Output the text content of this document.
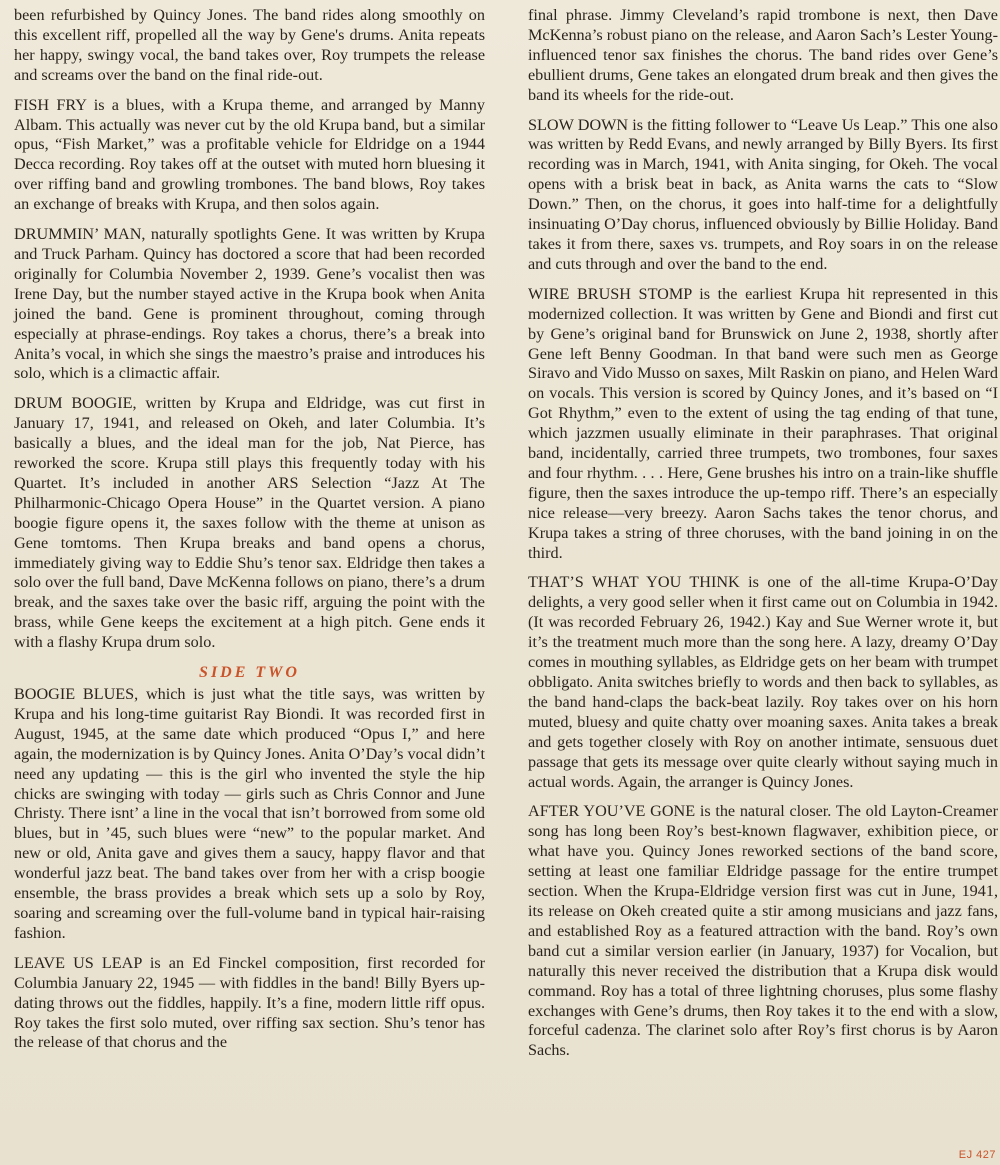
been refurbished by Quincy Jones. The band rides along smoothly on this excellent riff, propelled all the way by Gene's drums. Anita repeats her happy, swingy vocal, the band takes over, Roy trumpets the release and screams over the band on the final ride-out.

FISH FRY is a blues, with a Krupa theme, and arranged by Manny Albam. This actually was never cut by the old Krupa band, but a similar opus, “Fish Market,” was a profitable vehicle for Eldridge on a 1944 Decca recording. Roy takes off at the outset with muted horn bluesing it over riffing band and growling trombones. The band blows, Roy takes an exchange of breaks with Krupa, and then solos again.

DRUMMIN’ MAN, naturally spotlights Gene. It was written by Krupa and Truck Parham. Quincy has doctored a score that had been recorded originally for Columbia November 2, 1939. Gene’s vocalist then was Irene Day, but the number stayed active in the Krupa book when Anita joined the band. Gene is prominent throughout, coming through especially at phrase-endings. Roy takes a chorus, there’s a break into Anita’s vocal, in which she sings the maestro’s praise and introduces his solo, which is a climactic affair.

DRUM BOOGIE, written by Krupa and Eldridge, was cut first in January 17, 1941, and released on Okeh, and later Columbia. It’s basically a blues, and the ideal man for the job, Nat Pierce, has reworked the score. Krupa still plays this frequently today with his Quartet. It’s included in another ARS Selection “Jazz At The Philharmonic-Chicago Opera House” in the Quartet version. A piano boogie figure opens it, the saxes follow with the theme at unison as Gene tomtoms. Then Krupa breaks and band opens a chorus, immediately giving way to Eddie Shu’s tenor sax. Eldridge then takes a solo over the full band, Dave McKenna follows on piano, there’s a drum break, and the saxes take over the basic riff, arguing the point with the brass, while Gene keeps the excitement at a high pitch. Gene ends it with a flashy Krupa drum solo.

SIDE TWO

BOOGIE BLUES, which is just what the title says, was written by Krupa and his long-time guitarist Ray Biondi. It was recorded first in August, 1945, at the same date which produced “Opus I,” and here again, the modernization is by Quincy Jones. Anita O’Day’s vocal didn’t need any updating — this is the girl who invented the style the hip chicks are swinging with today — girls such as Chris Connor and June Christy. There isnt’ a line in the vocal that isn’t borrowed from some old blues, but in ’45, such blues were “new” to the popular market. And new or old, Anita gave and gives them a saucy, happy flavor and that wonderful jazz beat. The band takes over from her with a crisp boogie ensemble, the brass provides a break which sets up a solo by Roy, soaring and screaming over the full-volume band in typical hair-raising fashion.

LEAVE US LEAP is an Ed Finckel composition, first recorded for Columbia January 22, 1945 — with fiddles in the band! Billy Byers up-dating throws out the fiddles, happily. It’s a fine, modern little riff opus. Roy takes the first solo muted, over riffing sax section. Shu’s tenor has the release of that chorus and the

final phrase. Jimmy Cleveland’s rapid trombone is next, then Dave McKenna’s robust piano on the release, and Aaron Sach’s Lester Young-influenced tenor sax finishes the chorus. The band rides over Gene’s ebullient drums, Gene takes an elongated drum break and then gives the band its wheels for the ride-out.

SLOW DOWN is the fitting follower to “Leave Us Leap.” This one also was written by Redd Evans, and newly arranged by Billy Byers. Its first recording was in March, 1941, with Anita singing, for Okeh. The vocal opens with a brisk beat in back, as Anita warns the cats to “Slow Down.” Then, on the chorus, it goes into half-time for a delightfully insinuating O’Day chorus, influenced obviously by Billie Holiday. Band takes it from there, saxes vs. trumpets, and Roy soars in on the release and cuts through and over the band to the end.

WIRE BRUSH STOMP is the earliest Krupa hit represented in this modernized collection. It was written by Gene and Biondi and first cut by Gene’s original band for Brunswick on June 2, 1938, shortly after Gene left Benny Goodman. In that band were such men as George Siravo and Vido Musso on saxes, Milt Raskin on piano, and Helen Ward on vocals. This version is scored by Quincy Jones, and it’s based on “I Got Rhythm,” even to the extent of using the tag ending of that tune, which jazzmen usually eliminate in their paraphrases. That original band, incidentally, carried three trumpets, two trombones, four saxes and four rhythm. . . . Here, Gene brushes his intro on a train-like shuffle figure, then the saxes introduce the up-tempo riff. There’s an especially nice release—very breezy. Aaron Sachs takes the tenor chorus, and Krupa takes a string of three choruses, with the band joining in on the third.

THAT’S WHAT YOU THINK is one of the all-time Krupa-O’Day delights, a very good seller when it first came out on Columbia in 1942. (It was recorded February 26, 1942.) Kay and Sue Werner wrote it, but it’s the treatment much more than the song here. A lazy, dreamy O’Day comes in mouthing syllables, as Eldridge gets on her beam with trumpet obbligato. Anita switches briefly to words and then back to syllables, as the band hand-claps the back-beat lazily. Roy takes over on his horn muted, bluesy and quite chatty over moaning saxes. Anita takes a break and gets together closely with Roy on another intimate, sensuous duet passage that gets its message over quite clearly without saying much in actual words. Again, the arranger is Quincy Jones.

AFTER YOU’VE GONE is the natural closer. The old Layton-Creamer song has long been Roy’s best-known flagwaver, exhibition piece, or what have you. Quincy Jones reworked sections of the band score, setting at least one familiar Eldridge passage for the entire trumpet section. When the Krupa-Eldridge version first was cut in June, 1941, its release on Okeh created quite a stir among musicians and jazz fans, and established Roy as a featured attraction with the band. Roy’s own band cut a similar version earlier (in January, 1937) for Vocalion, but naturally this never received the distribution that a Krupa disk would command. Roy has a total of three lightning choruses, plus some flashy exchanges with Gene’s drums, then Roy takes it to the end with a slow, forceful cadenza. The clarinet solo after Roy’s first chorus is by Aaron Sachs.

EJ 427
